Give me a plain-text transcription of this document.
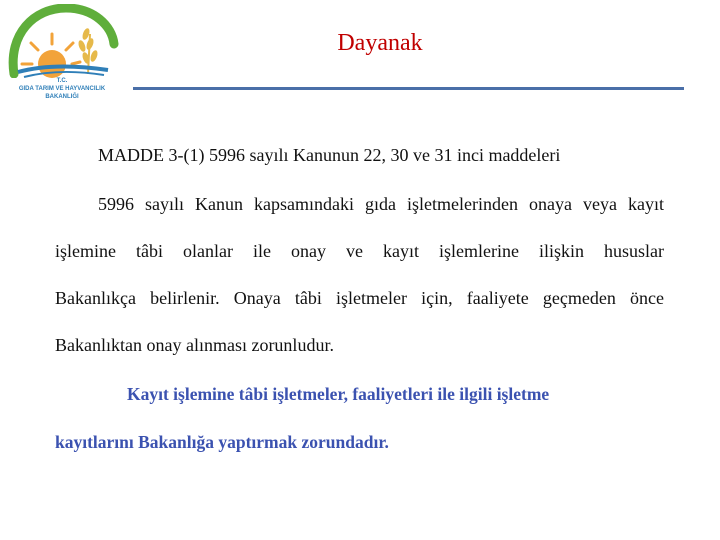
T.C.
GIDA TARIM VE HAYVANCILIK
BAKANLIĞI
Dayanak
MADDE 3-(1) 5996 sayılı Kanunun 22, 30 ve 31 inci maddeleri
5996 sayılı Kanun kapsamındaki gıda işletmelerinden onaya veya kayıt
işlemine tâbi olanlar ile onay ve kayıt işlemlerine ilişkin hususlar
Bakanlıkça belirlenir. Onaya tâbi işletmeler için, faaliyete geçmeden önce
Bakanlıktan onay alınması zorunludur.
Kayıt işlemine tâbi işletmeler, faaliyetleri ile ilgili işletme
kayıtlarını Bakanlığa yaptırmak zorundadır.
